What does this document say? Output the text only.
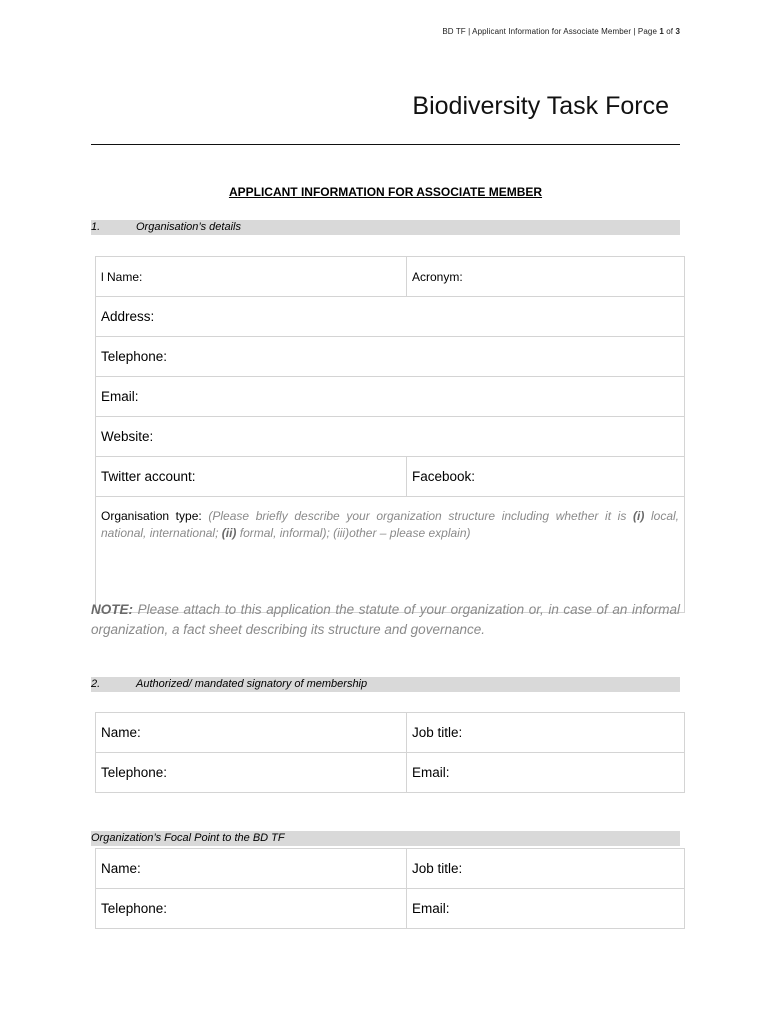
BD TF | Applicant Information for Associate Member | Page 1 of 3
Biodiversity Task Force
APPLICANT INFORMATION FOR ASSOCIATE MEMBER
1.	Organisation’s details
l Name:	Acronym:
Address:	
Telephone:	
Email:	
Website:	
Twitter account:	Facebook:
Organisation type: (Please briefly describe your organization structure including whether it is (i) local, national, international; (ii) formal, informal); (iii)other – please explain)	
NOTE: Please attach to this application the statute of your organization or, in case of an informal organization, a fact sheet describing its structure and governance.
2.	Authorized/ mandated signatory of membership
Name:	Job title:
Telephone:	Email:
Organization’s Focal Point to the BD TF
Name:	Job title:
Telephone:	Email:
